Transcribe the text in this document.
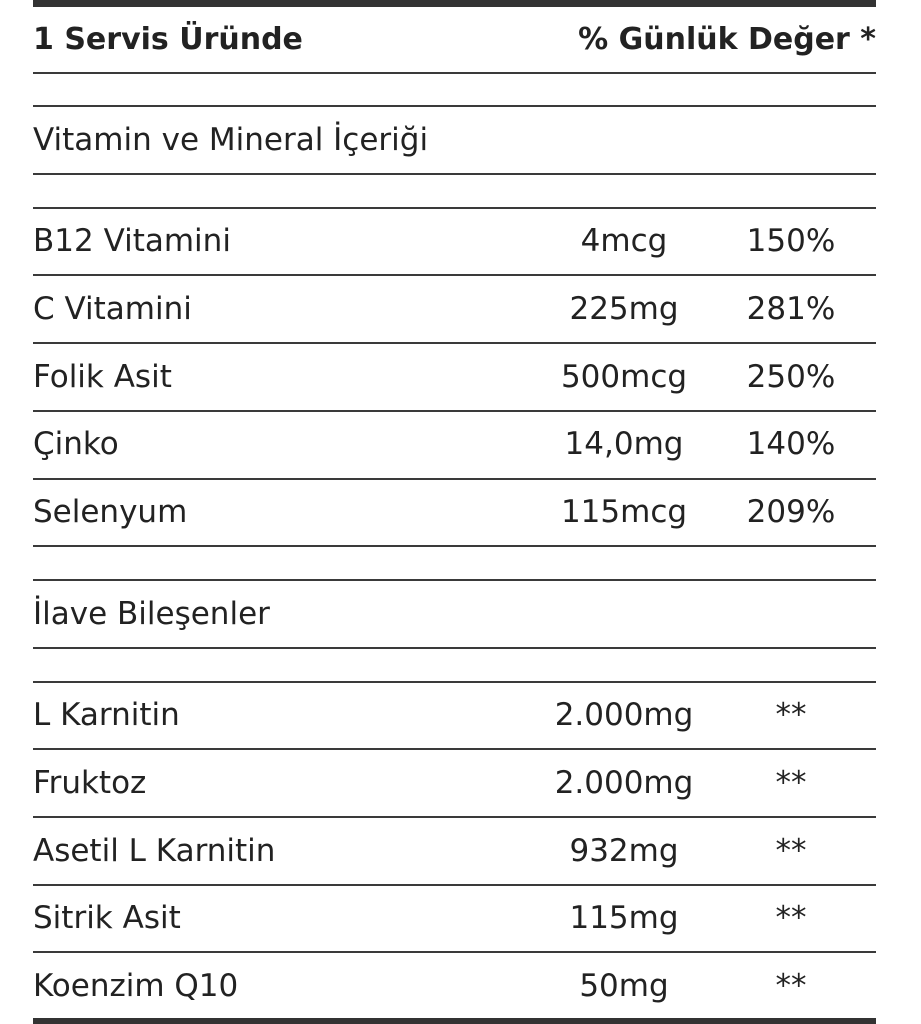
1 Servis Üründe	% Günlük Değer *
Vitamin ve Mineral İçeriği
B12 Vitamini	4mcg	150%
C Vitamini	225mg	281%
Folik Asit	500mcg	250%
Çinko	14,0mg	140%
Selenyum	115mcg	209%
İlave Bileşenler
L Karnitin	2.000mg	**
Fruktoz	2.000mg	**
Asetil L Karnitin	932mg	**
Sitrik Asit	115mg	**
Koenzim Q10	50mg	**
